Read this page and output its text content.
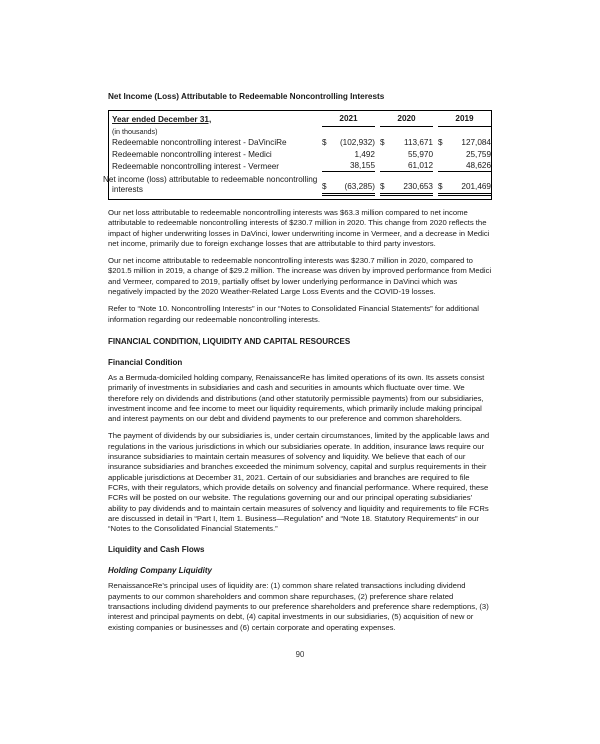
Net Income (Loss) Attributable to Redeemable Noncontrolling Interests
Year ended December 31,	2021			2020			2019	
(in thousands)								
Redeemable noncontrolling interest - DaVinciRe	$	(102,932)		$	113,671		$	127,084
Redeemable noncontrolling interest - Medici		1,492			55,970			25,759
Redeemable noncontrolling interest - Vermeer		38,155			61,012			48,626
Net income (loss) attributable to redeemable noncontrolling interests	$	(63,285)		$	230,653		$	201,469

Our net loss attributable to redeemable noncontrolling interests was $63.3 million compared to net income attributable to redeemable noncontrolling interests of $230.7 million in 2020. This change from 2020 reflects the impact of higher underwriting losses in DaVinci, lower underwriting income in Vermeer, and a decrease in Medici net income, primarily due to foreign exchange losses that are attributable to third party investors.

Our net income attributable to redeemable noncontrolling interests was $230.7 million in 2020, compared to $201.5 million in 2019, a change of $29.2 million. The increase was driven by improved performance from Medici and Vermeer, compared to 2019, partially offset by lower underlying performance in DaVinci which was negatively impacted by the 2020 Weather-Related Large Loss Events and the COVID-19 losses.

Refer to “Note 10. Noncontrolling Interests” in our “Notes to Consolidated Financial Statements” for additional information regarding our redeemable noncontrolling interests.

FINANCIAL CONDITION, LIQUIDITY AND CAPITAL RESOURCES
Financial Condition

As a Bermuda-domiciled holding company, RenaissanceRe has limited operations of its own. Its assets consist primarily of investments in subsidiaries and cash and securities in amounts which fluctuate over time. We therefore rely on dividends and distributions (and other statutorily permissible payments) from our subsidiaries, investment income and fee income to meet our liquidity requirements, which primarily include making principal and interest payments on our debt and dividend payments to our preference and common shareholders.

The payment of dividends by our subsidiaries is, under certain circumstances, limited by the applicable laws and regulations in the various jurisdictions in which our subsidiaries operate. In addition, insurance laws require our insurance subsidiaries to maintain certain measures of solvency and liquidity. We believe that each of our insurance subsidiaries and branches exceeded the minimum solvency, capital and surplus requirements in their applicable jurisdictions at December 31, 2021. Certain of our subsidiaries and branches are required to file FCRs, with their regulators, which provide details on solvency and financial performance. Where required, these FCRs will be posted on our website. The regulations governing our and our principal operating subsidiaries’ ability to pay dividends and to maintain certain measures of solvency and liquidity and requirements to file FCRs are discussed in detail in “Part I, Item 1. Business—Regulation” and “Note 18. Statutory Requirements” in our “Notes to the Consolidated Financial Statements.”

Liquidity and Cash Flows
Holding Company Liquidity

RenaissanceRe’s principal uses of liquidity are: (1) common share related transactions including dividend payments to our common shareholders and common share repurchases, (2) preference share related transactions including dividend payments to our preference shareholders and preference share redemptions, (3) interest and principal payments on debt, (4) capital investments in our subsidiaries, (5) acquisition of new or existing companies or businesses and (6) certain corporate and operating expenses.

90
